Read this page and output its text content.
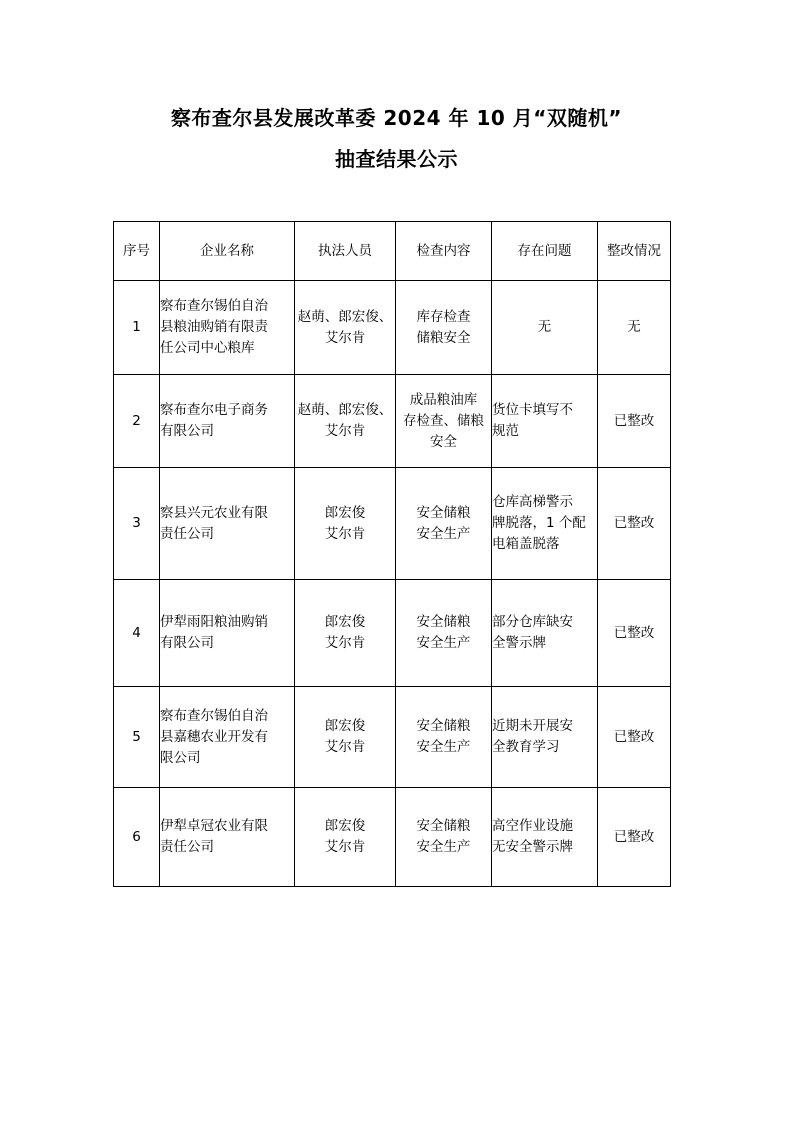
察布查尔县发展改革委 2024 年 10 月“双随机”
抽查结果公示
序号	企业名称	执法人员	检查内容	存在问题	整改情况
1	察布查尔锡伯自治
县粮油购销有限责
任公司中心粮库	赵萌、郎宏俊、
艾尔肯	库存检查
储粮安全	无	无
2	察布查尔电子商务
有限公司	赵萌、郎宏俊、
艾尔肯	成品粮油库
存检查、储粮
安全	货位卡填写不
规范	已整改
3	察县兴元农业有限
责任公司	郎宏俊
艾尔肯	安全储粮
安全生产	仓库高梯警示
牌脱落，1 个配
电箱盖脱落	已整改
4	伊犁雨阳粮油购销
有限公司	郎宏俊
艾尔肯	安全储粮
安全生产	部分仓库缺安
全警示牌	已整改
5	察布查尔锡伯自治
县嘉穗农业开发有
限公司	郎宏俊
艾尔肯	安全储粮
安全生产	近期未开展安
全教育学习	已整改
6	伊犁卓冠农业有限
责任公司	郎宏俊
艾尔肯	安全储粮
安全生产	高空作业设施
无安全警示牌	已整改
